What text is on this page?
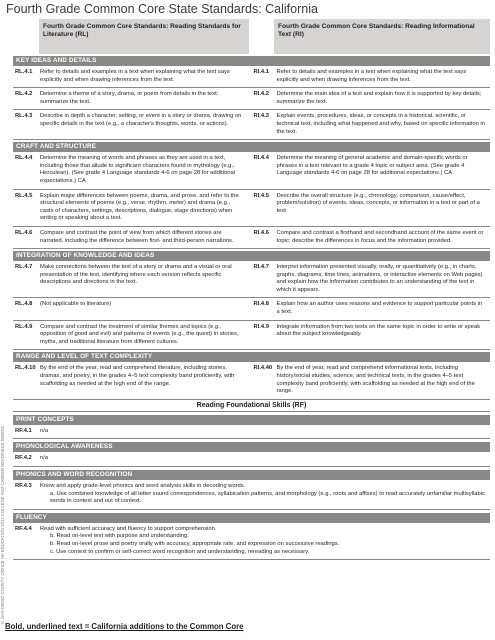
Fourth Grade Common Core State Standards: California
© SAN DIEGO COUNTY OFFICE OF EDUCATION 2012 COLLEGE AND CAREER READINESS SERIES
Fourth Grade Common Core Standards: Reading Standards for Literature (RL)
Fourth Grade Common Core Standards: Reading Informational Text (RI)
KEY IDEAS AND DETAILS
RL.4.1	Refer to details and examples in a text when explaining what the text says explicitly and when drawing inferences from the text.
RI.4.1	Refer to details and examples in a text when explaining what the text says explicitly and when drawing inferences from the text.
RL.4.2	Determine a theme of a story, drama, or poem from details in the text; summarize the text.
RI.4.2	Determine the main idea of a text and explain how it is supported by key details; summarize the text.
RL.4.3	Describe in depth a character, setting, or event in a story or drama, drawing on specific details in the text (e.g., a character's thoughts, words, or actions).
RI.4.3	Explain events, procedures, ideas, or concepts in a historical, scientific, or technical text, including what happened and why, based on specific information in the text.
CRAFT AND STRUCTURE
RL.4.4	Determine the meaning of words and phrases as they are used in a text, including those that allude to significant characters found in mythology (e.g., Herculean). (See grade 4 Language standards 4-6 on page 28 for additional expectations.) CA
RI.4.4	Determine the meaning of general academic and domain-specific words or phrases in a text relevant to a grade 4 topic or subject area. (See grade 4 Language standards 4-6 on page 28 for additional expectations.) CA
RL.4.5	Explain major differences between poems, drama, and prose, and refer to the structural elements of poems (e.g., verse, rhythm, meter) and drama (e.g., casts of characters, settings, descriptions, dialogue, stage directions) when writing or speaking about a text.
RI.4.5	Describe the overall structure (e.g., chronology, comparison, cause/effect, problem/solution) of events, ideas, concepts, or information in a text or part of a text
RL.4.6	Compare and contrast the point of view from which different stories are narrated, including the difference between first- and third-person narrations.
RI.4.6	Compare and contrast a firsthand and secondhand account of the same event or topic; describe the differences in focus and the information provided.
INTEGRATION OF KNOWLEDGE AND IDEAS
RL.4.7	Make connections between the text of a story or drama and a visual or oral presentation of the text, identifying where each version reflects specific descriptions and directions in the text.
RI.4.7	Interpret information presented visually, orally, or quantitatively (e.g., in charts, graphs, diagrams, time lines, animations, or interactive elements on Web pages) and explain how the information contributes to an understanding of the text in which it appears.
RL.4.8	(Not applicable to literature)	RI.4.8	Explain how an author uses reasons and evidence to support particular points in a text.
RL.4.9	Compare and contrast the treatment of similar themes and topics (e.g., opposition of good and evil) and patterns of events (e.g., the quest) in stories, myths, and traditional literature from different cultures.
RI.4.9	Integrate information from two texts on the same topic in order to write or speak about the subject knowledgeably.
RANGE AND LEVEL OF TEXT COMPLEXITY
RL.4.10 By the end of the year, read and comprehend literature, including stories, dramas, and poetry, in the grades 4–5 text complexity band proficiently, with scaffolding as needed at the high end of the range.
RI.4.40 By the end of year, read and comprehend informational texts, including history/social studies, science, and technical texts, in the grades 4–5 text complexity band proficiently, with scaffolding as needed at the high end of the range.
Reading Foundational Skills (RF)
PRINT CONCEPTS
RF.4.1	n/a
PHONOLOGICAL AWARENESS
RF.4.2	n/a
PHONICS AND WORD RECOGNITION
RF.4.3	Know and apply grade-level phonics and word analysis skills in decoding words.
a. Use combined knowledge of all letter sound correspondences, syllabication patterns, and morphology (e.g., roots and affixes) to read accurately unfamiliar multisyllabic words in context and out of context.
FLUENCY
RF.4.4	Read with sufficient accuracy and fluency to support comprehension.
b. Read on-level text with purpose and understanding.
b. Read on-level prose and poetry orally with accuracy, appropriate rate, and expression on successive readings.
c. Use context to confirm or self-correct word recognition and understanding, rereading as necessary.
Bold, underlined text = California additions to the Common Core
